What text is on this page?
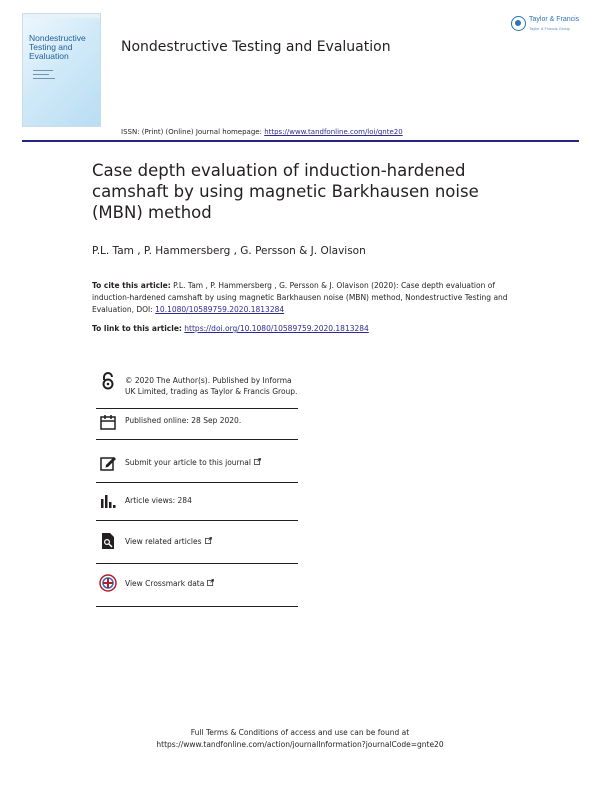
Nondestructive Testing and Evaluation
Taylor & Francis
Taylor & Francis Group
Nondestructive Testing and Evaluation
ISSN: (Print) (Online) Journal homepage: https://www.tandfonline.com/loi/gnte20
Case depth evaluation of induction-hardened camshaft by using magnetic Barkhausen noise (MBN) method
P.L. Tam , P. Hammersberg , G. Persson & J. Olavison
To cite this article: P.L. Tam , P. Hammersberg , G. Persson & J. Olavison (2020): Case depth evaluation of induction-hardened camshaft by using magnetic Barkhausen noise (MBN) method, Nondestructive Testing and Evaluation, DOI: 10.1080/10589759.2020.1813284
To link to this article: https://doi.org/10.1080/10589759.2020.1813284
© 2020 The Author(s). Published by Informa UK Limited, trading as Taylor & Francis Group.
Published online: 28 Sep 2020.
Submit your article to this journal
Article views: 284
View related articles
View Crossmark data
Full Terms & Conditions of access and use can be found at
https://www.tandfonline.com/action/journalInformation?journalCode=gnte20
